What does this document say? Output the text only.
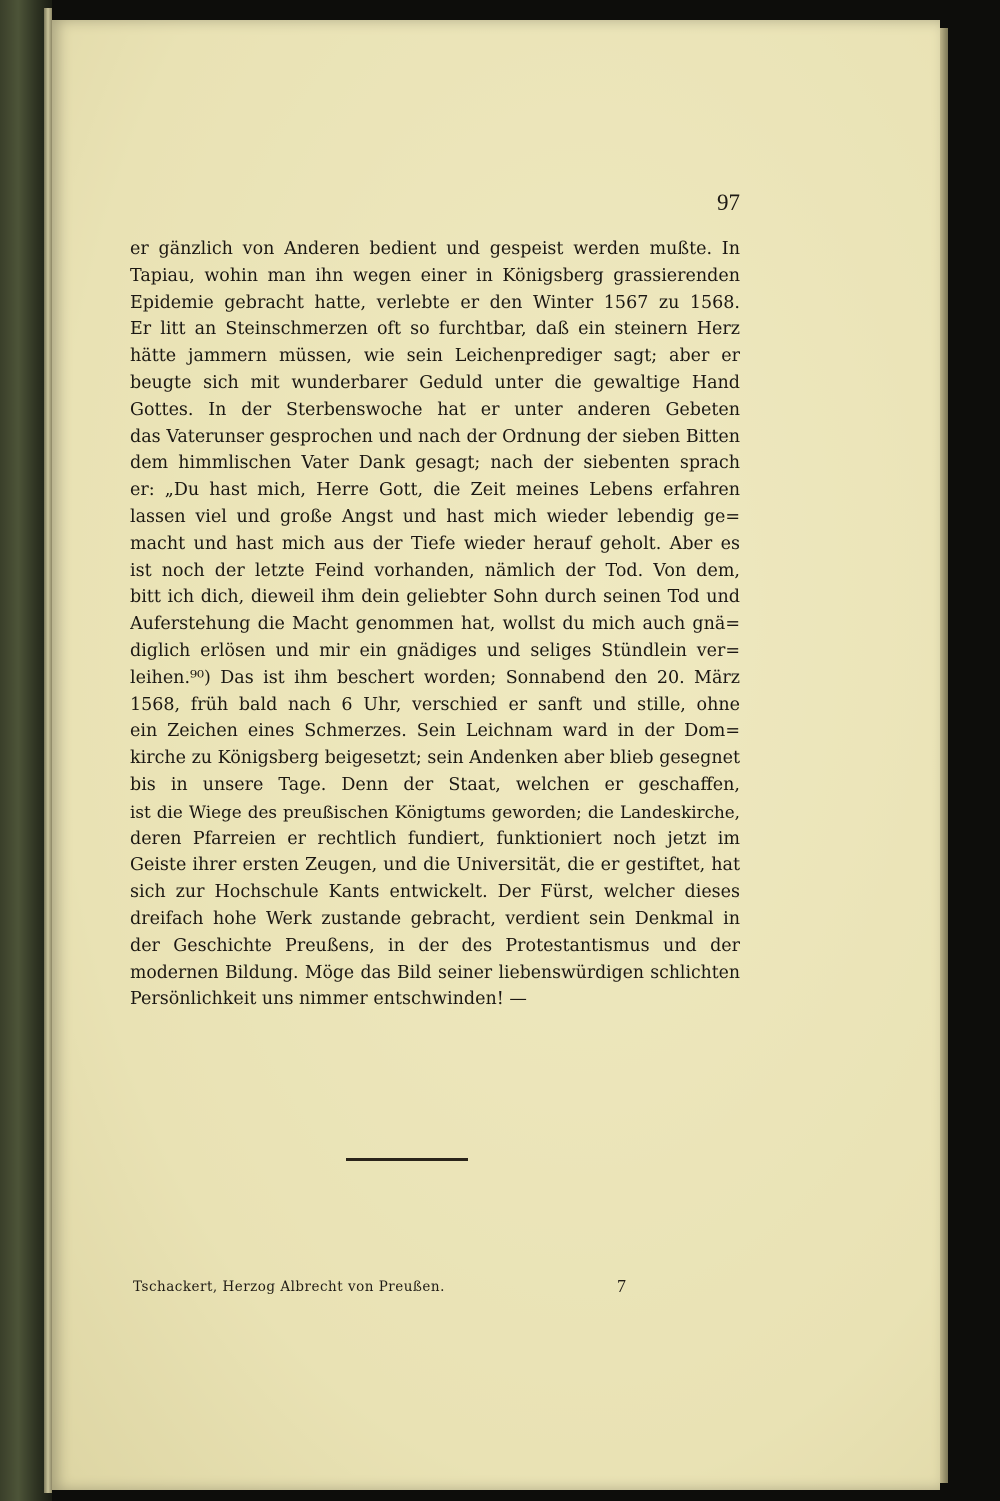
97
er gänzlich von Anderen bedient und gespeist werden mußte. In
Tapiau, wohin man ihn wegen einer in Königsberg grassierenden
Epidemie gebracht hatte, verlebte er den Winter 1567 zu 1568.
Er litt an Steinschmerzen oft so furchtbar, daß ein steinern Herz
hätte jammern müssen, wie sein Leichenprediger sagt; aber er
beugte sich mit wunderbarer Geduld unter die gewaltige Hand
Gottes. In der Sterbenswoche hat er unter anderen Gebeten
das Vaterunser gesprochen und nach der Ordnung der sieben Bitten
dem himmlischen Vater Dank gesagt; nach der siebenten sprach
er: „Du hast mich, Herre Gott, die Zeit meines Lebens erfahren
lassen viel und große Angst und hast mich wieder lebendig ge=
macht und hast mich aus der Tiefe wieder herauf geholt. Aber es
ist noch der letzte Feind vorhanden, nämlich der Tod. Von dem,
bitt ich dich, dieweil ihm dein geliebter Sohn durch seinen Tod und
Auferstehung die Macht genommen hat, wollst du mich auch gnä=
diglich erlösen und mir ein gnädiges und seliges Stündlein ver=
leihen.⁹⁰) Das ist ihm beschert worden; Sonnabend den 20. März
1568, früh bald nach 6 Uhr, verschied er sanft und stille, ohne
ein Zeichen eines Schmerzes. Sein Leichnam ward in der Dom=
kirche zu Königsberg beigesetzt; sein Andenken aber blieb gesegnet
bis in unsere Tage. Denn der Staat, welchen er geschaffen,
ist die Wiege des preußischen Königtums geworden; die Landeskirche,
deren Pfarreien er rechtlich fundiert, funktioniert noch jetzt im
Geiste ihrer ersten Zeugen, und die Universität, die er gestiftet, hat
sich zur Hochschule Kants entwickelt. Der Fürst, welcher dieses
dreifach hohe Werk zustande gebracht, verdient sein Denkmal in
der Geschichte Preußens, in der des Protestantismus und der
modernen Bildung. Möge das Bild seiner liebenswürdigen schlichten
Persönlichkeit uns nimmer entschwinden! —
Tschackert, Herzog Albrecht von Preußen.	7
